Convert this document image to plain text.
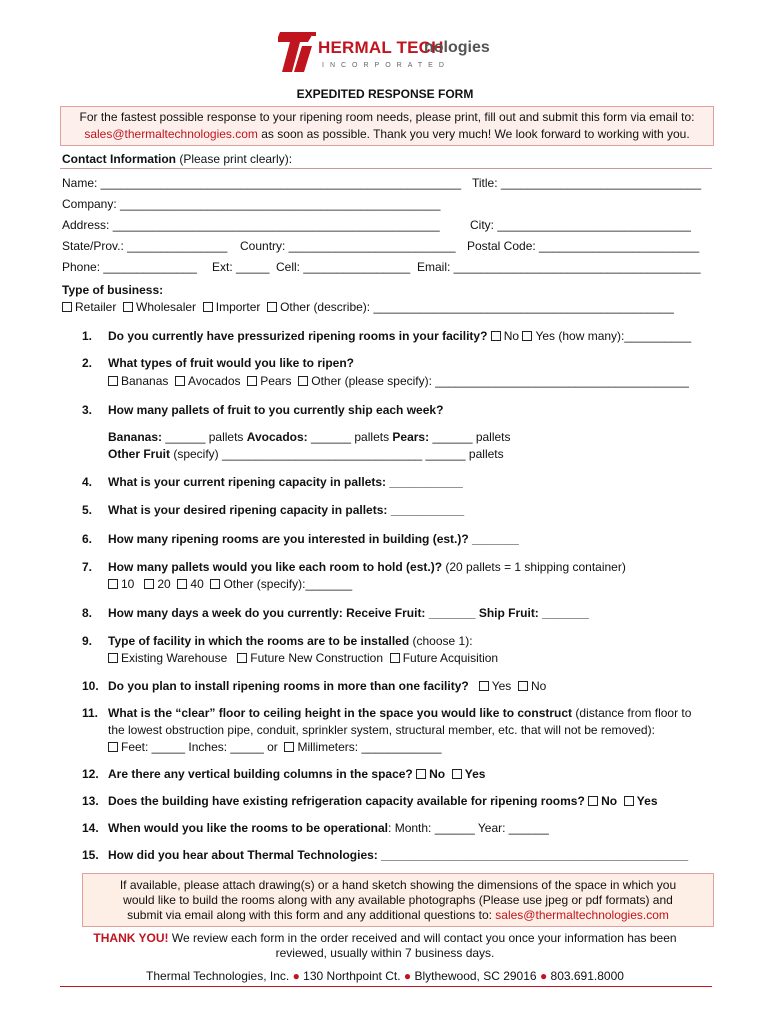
HERMAL TECH
nologies
INCORPORATED
EXPEDITED RESPONSE FORM

For the fastest possible response to your ripening room needs, please print, fill out and submit this form via email to:

sales@thermaltechnologies.com as soon as possible. Thank you very much! We look forward to working with you.

Contact Information (Please print clearly):
Name: ______________________________________________________ Title: ______________________________
Company: ________________________________________________
Address: _________________________________________________	City: _____________________________
State/Prov.: _______________ Country: _________________________ Postal Code: ________________________
Phone: ______________ Ext: _____ Cell: ________________ Email: _____________________________________
Type of business:
Retailer Wholesaler Importer Other (describe): _____________________________________________
1. Do you currently have pressurized ripening rooms in your facility? No Yes (how many):__________
2. What types of fruit would you like to ripen?
Bananas Avocados Pears Other (please specify): ______________________________________
3. How many pallets of fruit to you currently ship each week?
Bananas: ______ pallets Avocados: ______ pallets Pears: ______ pallets
Other Fruit (specify) ______________________________ ______ pallets
4. What is your current ripening capacity in pallets: ___________
5. What is your desired ripening capacity in pallets: ___________
6. How many ripening rooms are you interested in building (est.)? _______
7. How many pallets would you like each room to hold (est.)? (20 pallets = 1 shipping container)
10 20 40 Other (specify):_______
8. How many days a week do you currently: Receive Fruit: _______ Ship Fruit: _______
9. Type of facility in which the rooms are to be installed (choose 1):
Existing Warehouse Future New Construction Future Acquisition
10. Do you plan to install ripening rooms in more than one facility? Yes No
11. What is the “clear” floor to ceiling height in the space you would like to construct (distance from floor to
the lowest obstruction pipe, conduit, sprinkler system, structural member, etc. that will not be removed):
Feet: _____ Inches: _____ or Millimeters: ____________
12. Are there any vertical building columns in the space? No Yes
13. Does the building have existing refrigeration capacity available for ripening rooms? No Yes
14. When would you like the rooms to be operational: Month: ______ Year: ______
15. How did you hear about Thermal Technologies: ______________________________________________

If available, please attach drawing(s) or a hand sketch showing the dimensions of the space in which you

would like to build the rooms along with any available photographs (Please use jpeg or pdf formats) and

submit via email along with this form and any additional questions to: sales@thermaltechnologies.com

THANK YOU! We review each form in the order received and will contact you once your information has been
reviewed, usually within 7 business days.
Thermal Technologies, Inc. ● 130 Northpoint Ct. ● Blythewood, SC 29016 ● 803.691.8000
